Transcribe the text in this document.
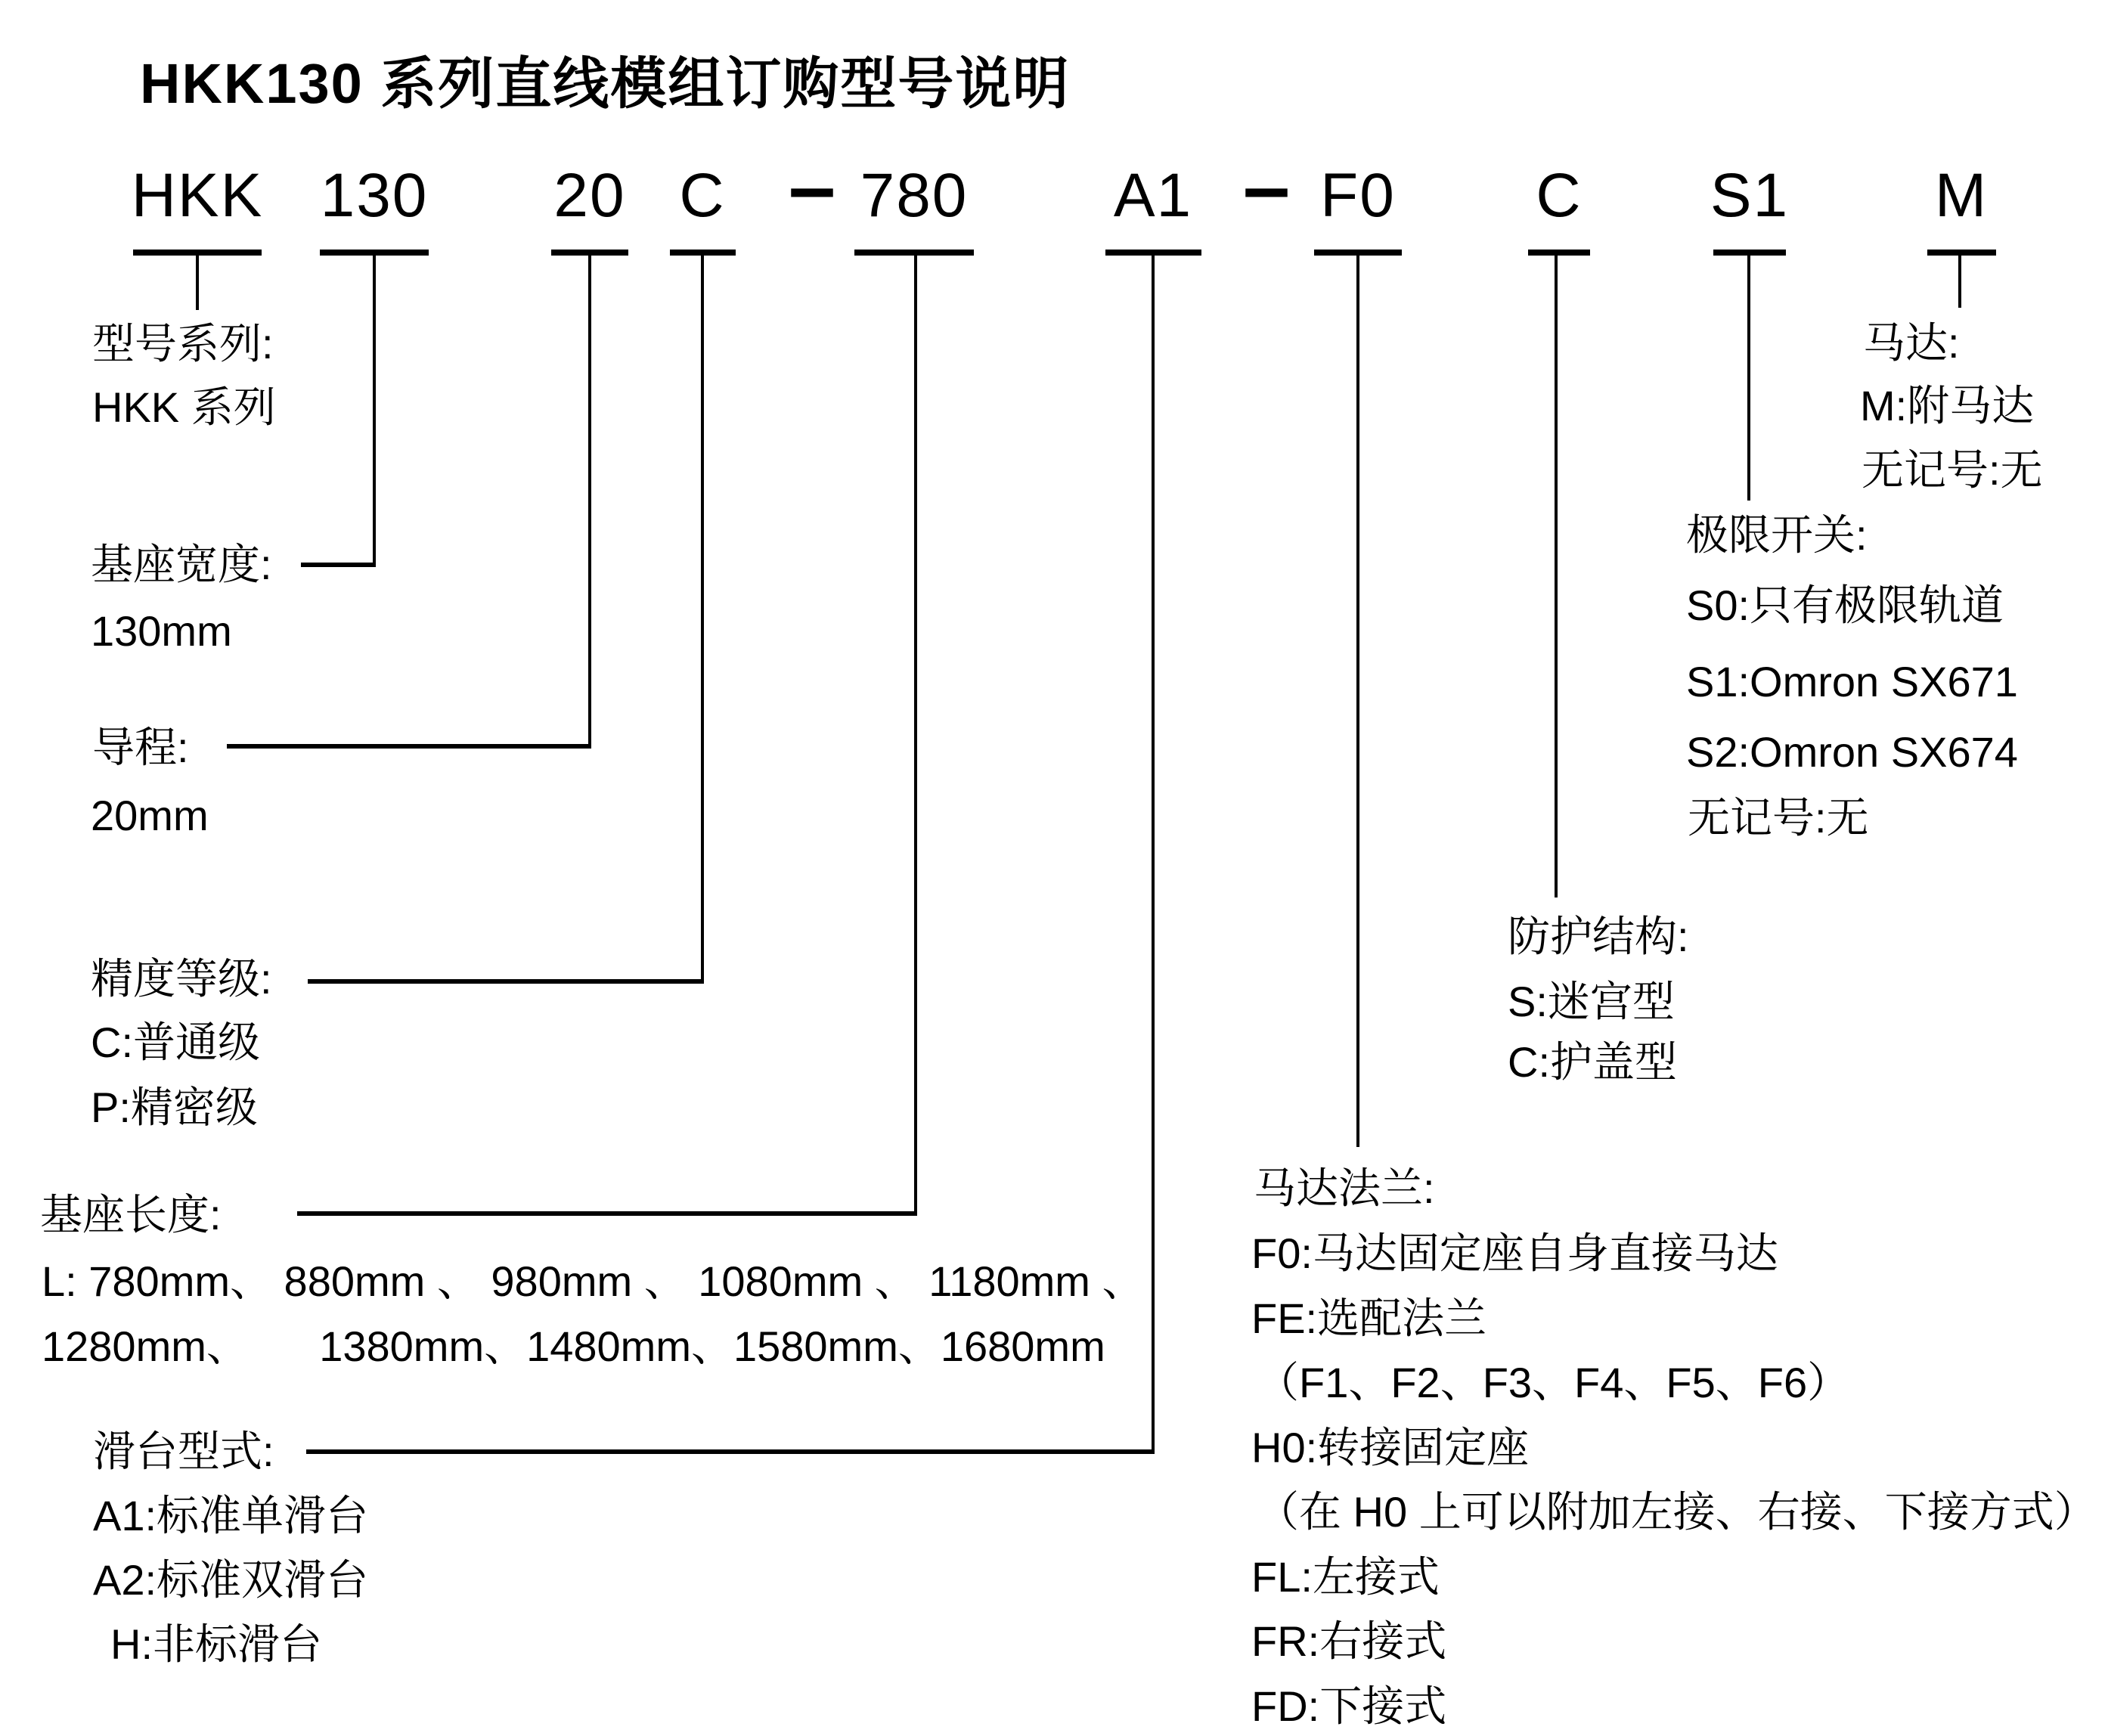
HKK130 系列直线模组订购型号说明
HKK 130 20 C – 780 A1 – F0 C S1 M
型号系列:
HKK 系列
基座宽度:
130mm
导程:
20mm
精度等级:
C:普通级
P:精密级
基座长度:
L: 780mm、 880mm 、 980mm 、 1080mm 、 1180mm 、
1280mm、      1380mm、1480mm、1580mm、1680mm
滑台型式:
A1:标准单滑台
A2:标准双滑台
H:非标滑台
马达法兰:
F0:马达固定座自身直接马达
FE:选配法兰
（F1、F2、F3、F4、F5、F6）
H0:转接固定座
（在 H0 上可以附加左接、右接、下接方式）
FL:左接式
FR:右接式
FD:下接式
防护结构:
S:迷宫型
C:护盖型
极限开关:
S0:只有极限轨道
S1:Omron SX671
S2:Omron SX674
无记号:无
马达:
M:附马达
无记号:无
